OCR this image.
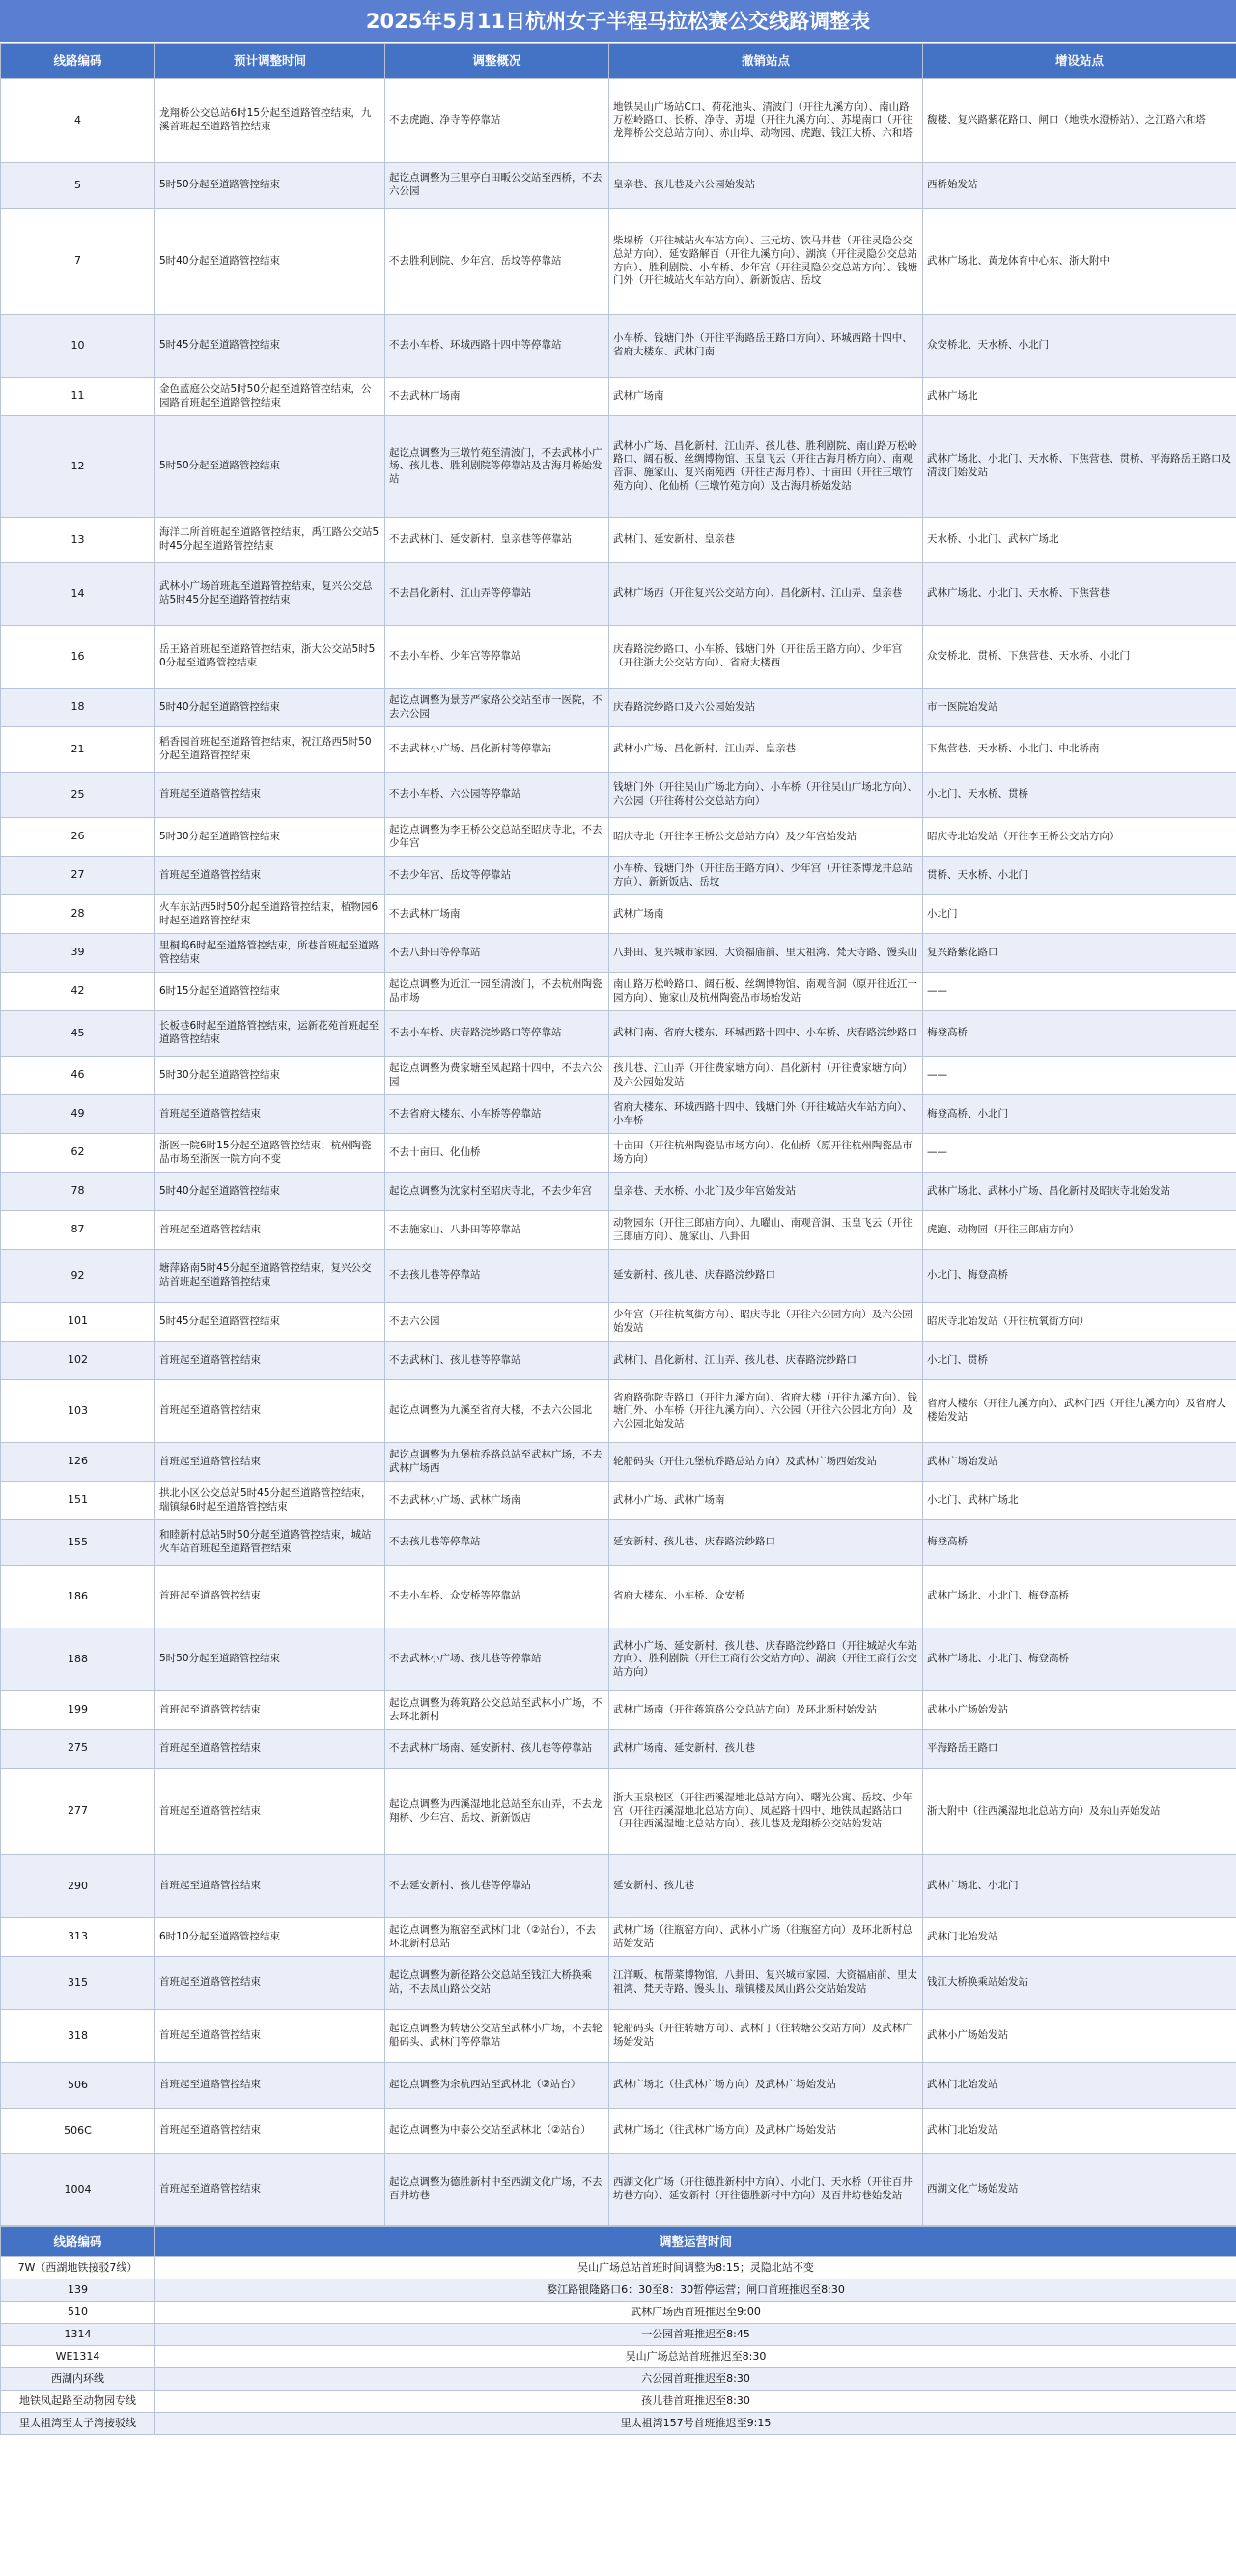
2025年5月11日杭州女子半程马拉松赛公交线路调整表
线路编码	预计调整时间	调整概况	撤销站点	增设站点
4	龙翔桥公交总站6时15分起至道路管控结束，九溪首班起至道路管控结束	不去虎跑、净寺等停靠站	地铁吴山广场站C口、荷花池头、清波门（开往九溪方向）、南山路万松岭路口、长桥、净寺、苏堤（开往九溪方向）、苏堤南口（开往龙翔桥公交总站方向）、赤山埠、动物园、虎跑、钱江大桥、六和塔	馥楼、复兴路紫花路口、闸口（地铁水澄桥站）、之江路六和塔
5	5时50分起至道路管控结束	起讫点调整为三里亭白田畈公交站至西桥，不去六公园	皇亲巷、孩儿巷及六公园始发站	西桥始发站
7	5时40分起至道路管控结束	不去胜利剧院、少年宫、岳坟等停靠站	柴垛桥（开往城站火车站方向）、三元坊、饮马井巷（开往灵隐公交总站方向）、延安路解百（开往九溪方向）、湖滨（开往灵隐公交总站方向）、胜利剧院、小车桥、少年宫（开往灵隐公交总站方向）、钱塘门外（开往城站火车站方向）、新新饭店、岳坟	武林广场北、黄龙体育中心东、浙大附中
10	5时45分起至道路管控结束	不去小车桥、环城西路十四中等停靠站	小车桥、钱塘门外（开往平海路岳王路口方向）、环城西路十四中、省府大楼东、武林门南	众安桥北、天水桥、小北门
11	金色蓝庭公交站5时50分起至道路管控结束，公园路首班起至道路管控结束	不去武林广场南	武林广场南	武林广场北
12	5时50分起至道路管控结束	起讫点调整为三墩竹苑至清波门，不去武林小广场、孩儿巷、胜利剧院等停靠站及古海月桥始发站	武林小广场、昌化新村、江山弄、孩儿巷、胜利剧院、南山路万松岭路口、阔石板、丝绸博物馆、玉皇飞云（开往古海月桥方向）、南观音洞、施家山、复兴南苑西（开往古海月桥）、十亩田（开往三墩竹苑方向）、化仙桥（三墩竹苑方向）及古海月桥始发站	武林广场北、小北门、天水桥、下焦营巷、贯桥、平海路岳王路口及清波门始发站
13	海洋二所首班起至道路管控结束，禹江路公交站5时45分起至道路管控结束	不去武林门、延安新村、皇亲巷等停靠站	武林门、延安新村、皇亲巷	天水桥、小北门、武林广场北
14	武林小广场首班起至道路管控结束，复兴公交总站5时45分起至道路管控结束	不去昌化新村、江山弄等停靠站	武林广场西（开往复兴公交站方向）、昌化新村、江山弄、皇亲巷	武林广场北、小北门、天水桥、下焦营巷
16	岳王路首班起至道路管控结束，浙大公交站5时50分起至道路管控结束	不去小车桥、少年宫等停靠站	庆春路浣纱路口、小车桥、钱塘门外（开往岳王路方向）、少年宫（开往浙大公交站方向）、省府大楼西	众安桥北、贯桥、下焦营巷、天水桥、小北门
18	5时40分起至道路管控结束	起讫点调整为景芳严家路公交站至市一医院，不去六公园	庆春路浣纱路口及六公园始发站	市一医院始发站
21	稻香园首班起至道路管控结束，祝江路西5时50分起至道路管控结束	不去武林小广场、昌化新村等停靠站	武林小广场、昌化新村、江山弄、皇亲巷	下焦营巷、天水桥、小北门、中北桥南
25	首班起至道路管控结束	不去小车桥、六公园等停靠站	钱塘门外（开往吴山广场北方向）、小车桥（开往吴山广场北方向）、六公园（开往蒋村公交总站方向）	小北门、天水桥、贯桥
26	5时30分起至道路管控结束	起讫点调整为李王桥公交总站至昭庆寺北，不去少年宫	昭庆寺北（开往李王桥公交总站方向）及少年宫始发站	昭庆寺北始发站（开往李王桥公交站方向）
27	首班起至道路管控结束	不去少年宫、岳坟等停靠站	小车桥、钱塘门外（开往岳王路方向）、少年宫（开往茶博龙井总站方向）、新新饭店、岳坟	贯桥、天水桥、小北门
28	火车东站西5时50分起至道路管控结束，植物园6时起至道路管控结束	不去武林广场南	武林广场南	小北门
39	里桐坞6时起至道路管控结束，所巷首班起至道路管控结束	不去八卦田等停靠站	八卦田、复兴城市家园、大资福庙前、里太祖湾、梵天寺路、馒头山	复兴路紫花路口
42	6时15分起至道路管控结束	起讫点调整为近江一园至清波门，不去杭州陶瓷品市场	南山路万松岭路口、阔石板、丝绸博物馆、南观音洞（原开往近江一园方向）、施家山及杭州陶瓷品市场始发站	——
45	长板巷6时起至道路管控结束，运新花苑首班起至道路管控结束	不去小车桥、庆春路浣纱路口等停靠站	武林门南、省府大楼东、环城西路十四中、小车桥、庆春路浣纱路口	梅登高桥
46	5时30分起至道路管控结束	起讫点调整为费家塘至凤起路十四中，不去六公园	孩儿巷、江山弄（开往费家塘方向）、昌化新村（开往费家塘方向）及六公园始发站	——
49	首班起至道路管控结束	不去省府大楼东、小车桥等停靠站	省府大楼东、环城西路十四中、钱塘门外（开往城站火车站方向）、小车桥	梅登高桥、小北门
62	浙医一院6时15分起至道路管控结束；杭州陶瓷品市场至浙医一院方向不变	不去十亩田、化仙桥	十亩田（开往杭州陶瓷品市场方向）、化仙桥（原开往杭州陶瓷品市场方向）	——
78	5时40分起至道路管控结束	起讫点调整为沈家村至昭庆寺北，不去少年宫	皇亲巷、天水桥、小北门及少年宫始发站	武林广场北、武林小广场、昌化新村及昭庆寺北始发站
87	首班起至道路管控结束	不去施家山、八卦田等停靠站	动物园东（开往三郎庙方向）、九曜山、南观音洞、玉皇飞云（开往三郎庙方向）、施家山、八卦田	虎跑、动物园（开往三郎庙方向）
92	塘萍路南5时45分起至道路管控结束，复兴公交站首班起至道路管控结束	不去孩儿巷等停靠站	延安新村、孩儿巷、庆春路浣纱路口	小北门、梅登高桥
101	5时45分起至道路管控结束	不去六公园	少年宫（开往杭氧街方向）、昭庆寺北（开往六公园方向）及六公园始发站	昭庆寺北始发站（开往杭氧街方向）
102	首班起至道路管控结束	不去武林门、孩儿巷等停靠站	武林门、昌化新村、江山弄、孩儿巷、庆春路浣纱路口	小北门、贯桥
103	首班起至道路管控结束	起讫点调整为九溪至省府大楼，不去六公园北	省府路弥陀寺路口（开往九溪方向）、省府大楼（开往九溪方向）、钱塘门外、小车桥（开往九溪方向）、六公园（开往六公园北方向）及六公园北始发站	省府大楼东（开往九溪方向）、武林门西（开往九溪方向）及省府大楼始发站
126	首班起至道路管控结束	起讫点调整为九堡杭乔路总站至武林广场，不去武林广场西	轮船码头（开往九堡杭乔路总站方向）及武林广场西始发站	武林广场始发站
151	拱北小区公交总站5时45分起至道路管控结束，瑞镇绿6时起至道路管控结束	不去武林小广场、武林广场南	武林小广场、武林广场南	小北门、武林广场北
155	和睦新村总站5时50分起至道路管控结束，城站火车站首班起至道路管控结束	不去孩儿巷等停靠站	延安新村、孩儿巷、庆春路浣纱路口	梅登高桥
186	首班起至道路管控结束	不去小车桥、众安桥等停靠站	省府大楼东、小车桥、众安桥	武林广场北、小北门、梅登高桥
188	5时50分起至道路管控结束	不去武林小广场、孩儿巷等停靠站	武林小广场、延安新村、孩儿巷、庆春路浣纱路口（开往城站火车站方向）、胜利剧院（开往工商行公交站方向）、湖滨（开往工商行公交站方向）	武林广场北、小北门、梅登高桥
199	首班起至道路管控结束	起讫点调整为蒋筑路公交总站至武林小广场，不去环北新村	武林广场南（开往蒋筑路公交总站方向）及环北新村始发站	武林小广场始发站
275	首班起至道路管控结束	不去武林广场南、延安新村、孩儿巷等停靠站	武林广场南、延安新村、孩儿巷	平海路岳王路口
277	首班起至道路管控结束	起讫点调整为西溪湿地北总站至东山弄，不去龙翔桥、少年宫、岳坟、新新饭店	浙大玉泉校区（开往西溪湿地北总站方向）、曙光公寓、岳坟、少年宫（开往西溪湿地北总站方向）、凤起路十四中、地铁凤起路站口（开往西溪湿地北总站方向）、孩儿巷及龙翔桥公交站始发站	浙大附中（往西溪湿地北总站方向）及东山弄始发站
290	首班起至道路管控结束	不去延安新村、孩儿巷等停靠站	延安新村、孩儿巷	武林广场北、小北门
313	6时10分起至道路管控结束	起讫点调整为瓶窑至武林门北（②站台），不去环北新村总站	武林广场（往瓶窑方向）、武林小广场（往瓶窑方向）及环北新村总站始发站	武林门北始发站
315	首班起至道路管控结束	起讫点调整为新径路公交总站至钱江大桥换乘站，不去凤山路公交站	江洋畈、杭帮菜博物馆、八卦田、复兴城市家园、大资福庙前、里太祖湾、梵天寺路、馒头山、瑞镇楼及凤山路公交站始发站	钱江大桥换乘站始发站
318	首班起至道路管控结束	起讫点调整为转塘公交站至武林小广场，不去轮船码头、武林门等停靠站	轮船码头（开往转塘方向）、武林门（往转塘公交站方向）及武林广场始发站	武林小广场始发站
506	首班起至道路管控结束	起讫点调整为余杭西站至武林北（②站台）	武林广场北（往武林广场方向）及武林广场始发站	武林门北始发站
506C	首班起至道路管控结束	起讫点调整为中泰公交站至武林北（②站台）	武林广场北（往武林广场方向）及武林广场始发站	武林门北始发站
1004	首班起至道路管控结束	起讫点调整为德胜新村中至西湖文化广场，不去百井坊巷	西湖文化广场（开往德胜新村中方向）、小北门、天水桥（开往百井坊巷方向）、延安新村（开往德胜新村中方向）及百井坊巷始发站	西湖文化广场始发站
线路编码	调整运营时间
7W（西湖地铁接驳7线）	吴山广场总站首班时间调整为8:15；灵隐北站不变
139	婺江路银隆路口6：30至8：30暂停运营；闸口首班推迟至8:30
510	武林广场西首班推迟至9:00
1314	一公园首班推迟至8:45
WE1314	吴山广场总站首班推迟至8:30
西湖内环线	六公园首班推迟至8:30
地铁凤起路至动物园专线	孩儿巷首班推迟至8:30
里太祖湾至太子湾接驳线	里太祖湾157号首班推迟至9:15
